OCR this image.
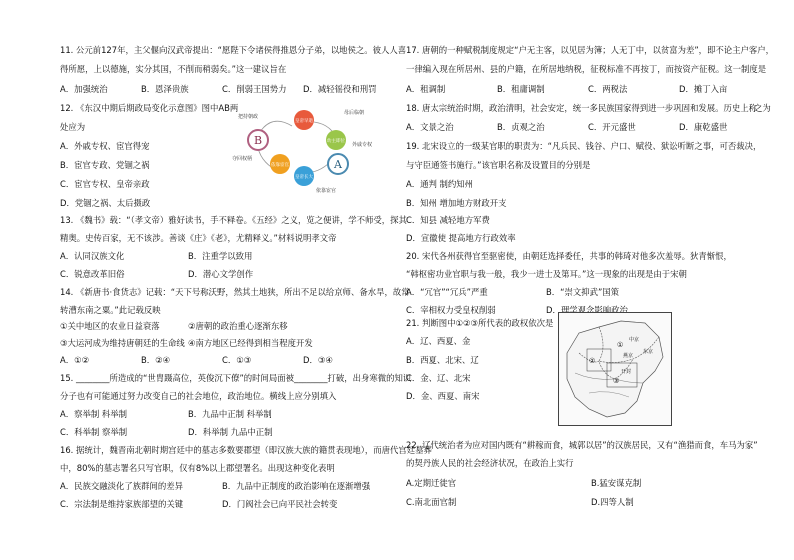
11. 公元前127年，主父偃向汉武帝提出：“愿陛下令诸侯得推恩分子弟，以地侯之。彼人人喜
得所愿，上以德施，实分其国，不削而稍弱矣。”这一建议旨在
A．加强统治	B．恩泽贵族	C．削弱王国势力 D．减轻徭役和刑罚
12. 《东汉中期后期政局变化示意图》图中AB两
处应为
A．外戚专权、宦官得宠
B．宦官专政、党锢之祸
C．宦官专权、皇帝亲政
D．党锢之祸、太后摄政
13. 《魏书》载：“（孝文帝）雅好读书，手不释卷。《五经》之义，览之便讲，学不师受，探其
精奥。史传百家，无不该涉。善谈《庄》《老》，尤精释义。”材料说明孝文帝
A．认同汉族文化	B．注重学以致用
C．锐意改革旧俗	D．潜心文学创作
14. 《新唐书·食货志》记载：“天下号称沃野，然其土地狭，所出不足以给京师、备水旱，故常
转漕东南之粟。”此记载反映
①关中地区的农业日益衰落	②唐朝的政治重心逐渐东移
③大运河成为维持唐朝廷的生命线 ④南方地区已经得到相当程度开发
A．①②	B．②④	C．①③	D．③④
15. ________所造成的“世胄蹑高位，英俊沉下僚”的时间局面被________打破，出身寒微的知识
分子也有可能通过努力改变自己的社会地位，政治地位。横线上应分别填入
A．察举制 科举制	B．九品中正制 科举制
C．科举制 察举制	D．科举制 九品中正制
16. 据统计，魏晋南北朝时期宫廷中的墓志多数要郡望（即汉族大族的籍贯表现地），而唐代宫廷墓葬
中，80%的墓志署名只写官职，仅有8%以上郡望署名。出现这种变化表明
A．民族交融淡化了族群间的差异	B．九品中正制度的政治影响在逐渐增强
C．宗法制是维持家族部望的关键	D．门阀社会已向平民社会转变
B
皇帝早逝
幼主即位
A
皇帝长大
依靠宦官
把持朝政
母后临朝
外戚专权
夺回权柄
依靠宦官
17. 唐朝的一种赋税制度规定“户无主客，以见居为簿；人无丁中，以贫富为差”，即不论主户客户，
一律编入现在所居州、县的户籍，在所居地纳税，征税标准不再按丁，而按资产征税。这一制度是
A．租调制	B．租庸调制	C．两税法	D．摊丁入亩
18. 唐太宗统治时期，政治清明，社会安定，统一多民族国家得到进一步巩固和发展。历史上称
之为
A．文景之治	B．贞观之治	C．开元盛世	D．康乾盛世
19. 北宋设立的一级某官职的职责为：“凡兵民、钱谷、户口、赋役、狱讼听断之事，可否裁决，
与守臣通签书施行。”该官职名称及设置目的分别是
A．通判 制约知州
B．知州 增加地方财政开支
C．知县 减轻地方军费
D．宣徽使 提高地方行政效率
20. 宋代各州获得官至驱密使，由朝廷选择委任，共事的韩琦对他多次羞辱。狄青惭恨，
“韩枢密功业官职与我一般，我少一进士及第耳。”这一现象的出现是由于宋朝
A．“冗官”“冗兵”严重	B．“崇文抑武”国策
C．宰相权力受皇权削弱	D．理学观念影响政治
21. 判断图中①②③所代表的政权依次是
A．辽、西夏、金
B．西夏、北宋、辽
C．金、辽、北宋
D．金、西夏、南宋
22. 辽代统治者为应对国内既有“耕稼而食，城郭以居”的汉族居民，又有“渔猎而食，车马为家”
的契丹族人民的社会经济状况，在政治上实行
A.定期迁徙官	B.猛安谋克制
C.南北面官制	D.四等人制
①
②
③
中京
东京
开封
燕京
